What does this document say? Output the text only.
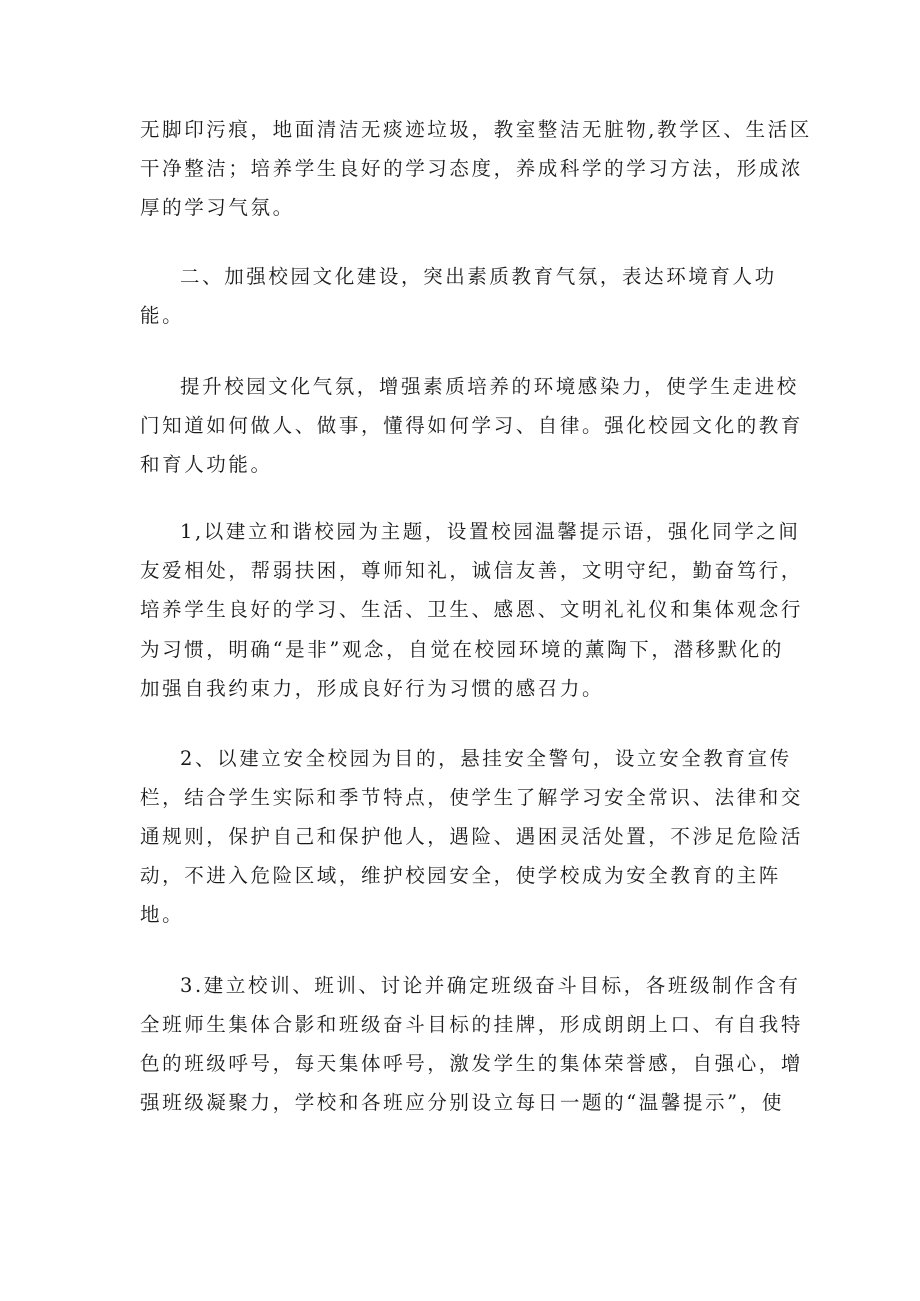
无脚印污痕，地面清洁无痰迹垃圾，教室整洁无脏物,教学区、生活区
干净整洁；培养学生良好的学习态度，养成科学的学习方法，形成浓
厚的学习气氛。
二、加强校园文化建设，突出素质教育气氛，表达环境育人功
能。
提升校园文化气氛，增强素质培养的环境感染力，使学生走进校
门知道如何做人、做事，懂得如何学习、自律。强化校园文化的教育
和育人功能。
1,以建立和谐校园为主题，设置校园温馨提示语，强化同学之间
友爱相处，帮弱扶困，尊师知礼，诚信友善，文明守纪，勤奋笃行，
培养学生良好的学习、生活、卫生、感恩、文明礼礼仪和集体观念行
为习惯，明确“是非”观念，自觉在校园环境的薰陶下，潜移默化的
加强自我约束力，形成良好行为习惯的感召力。
2、以建立安全校园为目的，悬挂安全警句，设立安全教育宣传
栏，结合学生实际和季节特点，使学生了解学习安全常识、法律和交
通规则，保护自己和保护他人，遇险、遇困灵活处置，不涉足危险活
动，不进入危险区域，维护校园安全，使学校成为安全教育的主阵
地。
3.建立校训、班训、讨论并确定班级奋斗目标，各班级制作含有
全班师生集体合影和班级奋斗目标的挂牌，形成朗朗上口、有自我特
色的班级呼号，每天集体呼号，激发学生的集体荣誉感，自强心，增
强班级凝聚力，学校和各班应分别设立每日一题的“温馨提示”，使
